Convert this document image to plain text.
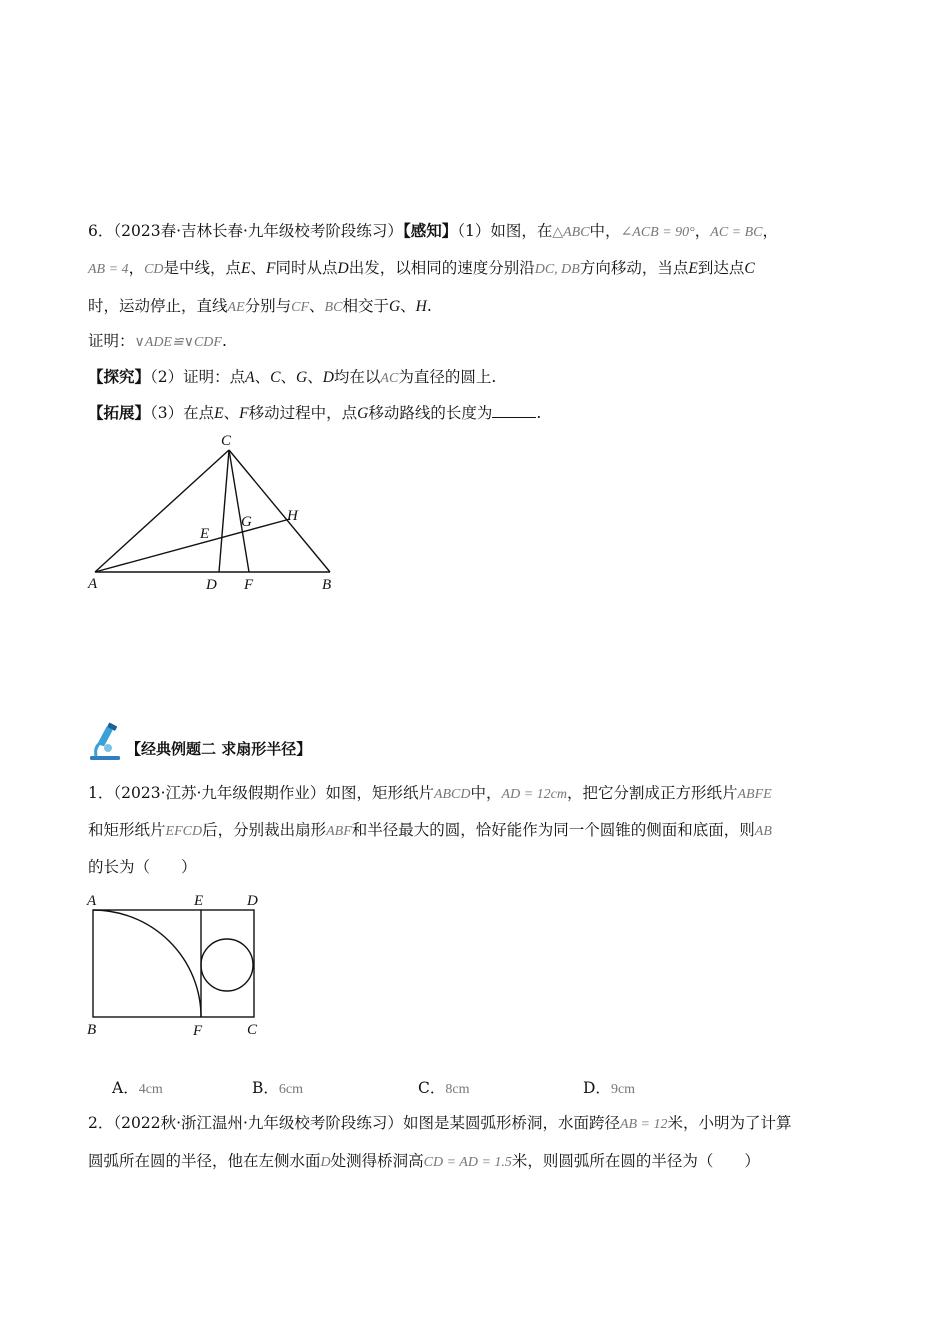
6．（2023春·吉林长春·九年级校考阶段练习）【感知】（1）如图，在△ABC中，∠ACB = 90°，AC = BC，
AB = 4，CD是中线，点E、F同时从点D出发，以相同的速度分别沿DC, DB方向移动，当点E到达点C
时，运动停止，直线AE分别与CF、BC相交于G、H.
证明：∨ADE≌∨CDF.
【探究】（2）证明：点A、C、G、D均在以AC为直径的圆上.
【拓展】（3）在点E、F移动过程中，点G移动路线的长度为	.
C
H
G
E
A	D F	B
【经典例题二 求扇形半径】
1．（2023·江苏·九年级假期作业）如图，矩形纸片ABCD中，AD = 12cm，把它分割成正方形纸片ABFE
和矩形纸片EFCD后，分别裁出扇形ABF和半径最大的圆，恰好能作为同一个圆锥的侧面和底面，则AB
的长为（　　）
A	E	D
B	F	C
A．4cm	B．6cm	C．8cm	D．9cm
2．（2022秋·浙江温州·九年级校考阶段练习）如图是某圆弧形桥洞，水面跨径AB = 12米，小明为了计算
圆弧所在圆的半径，他在左侧水面D处测得桥洞高CD = AD = 1.5米，则圆弧所在圆的半径为（　　）
